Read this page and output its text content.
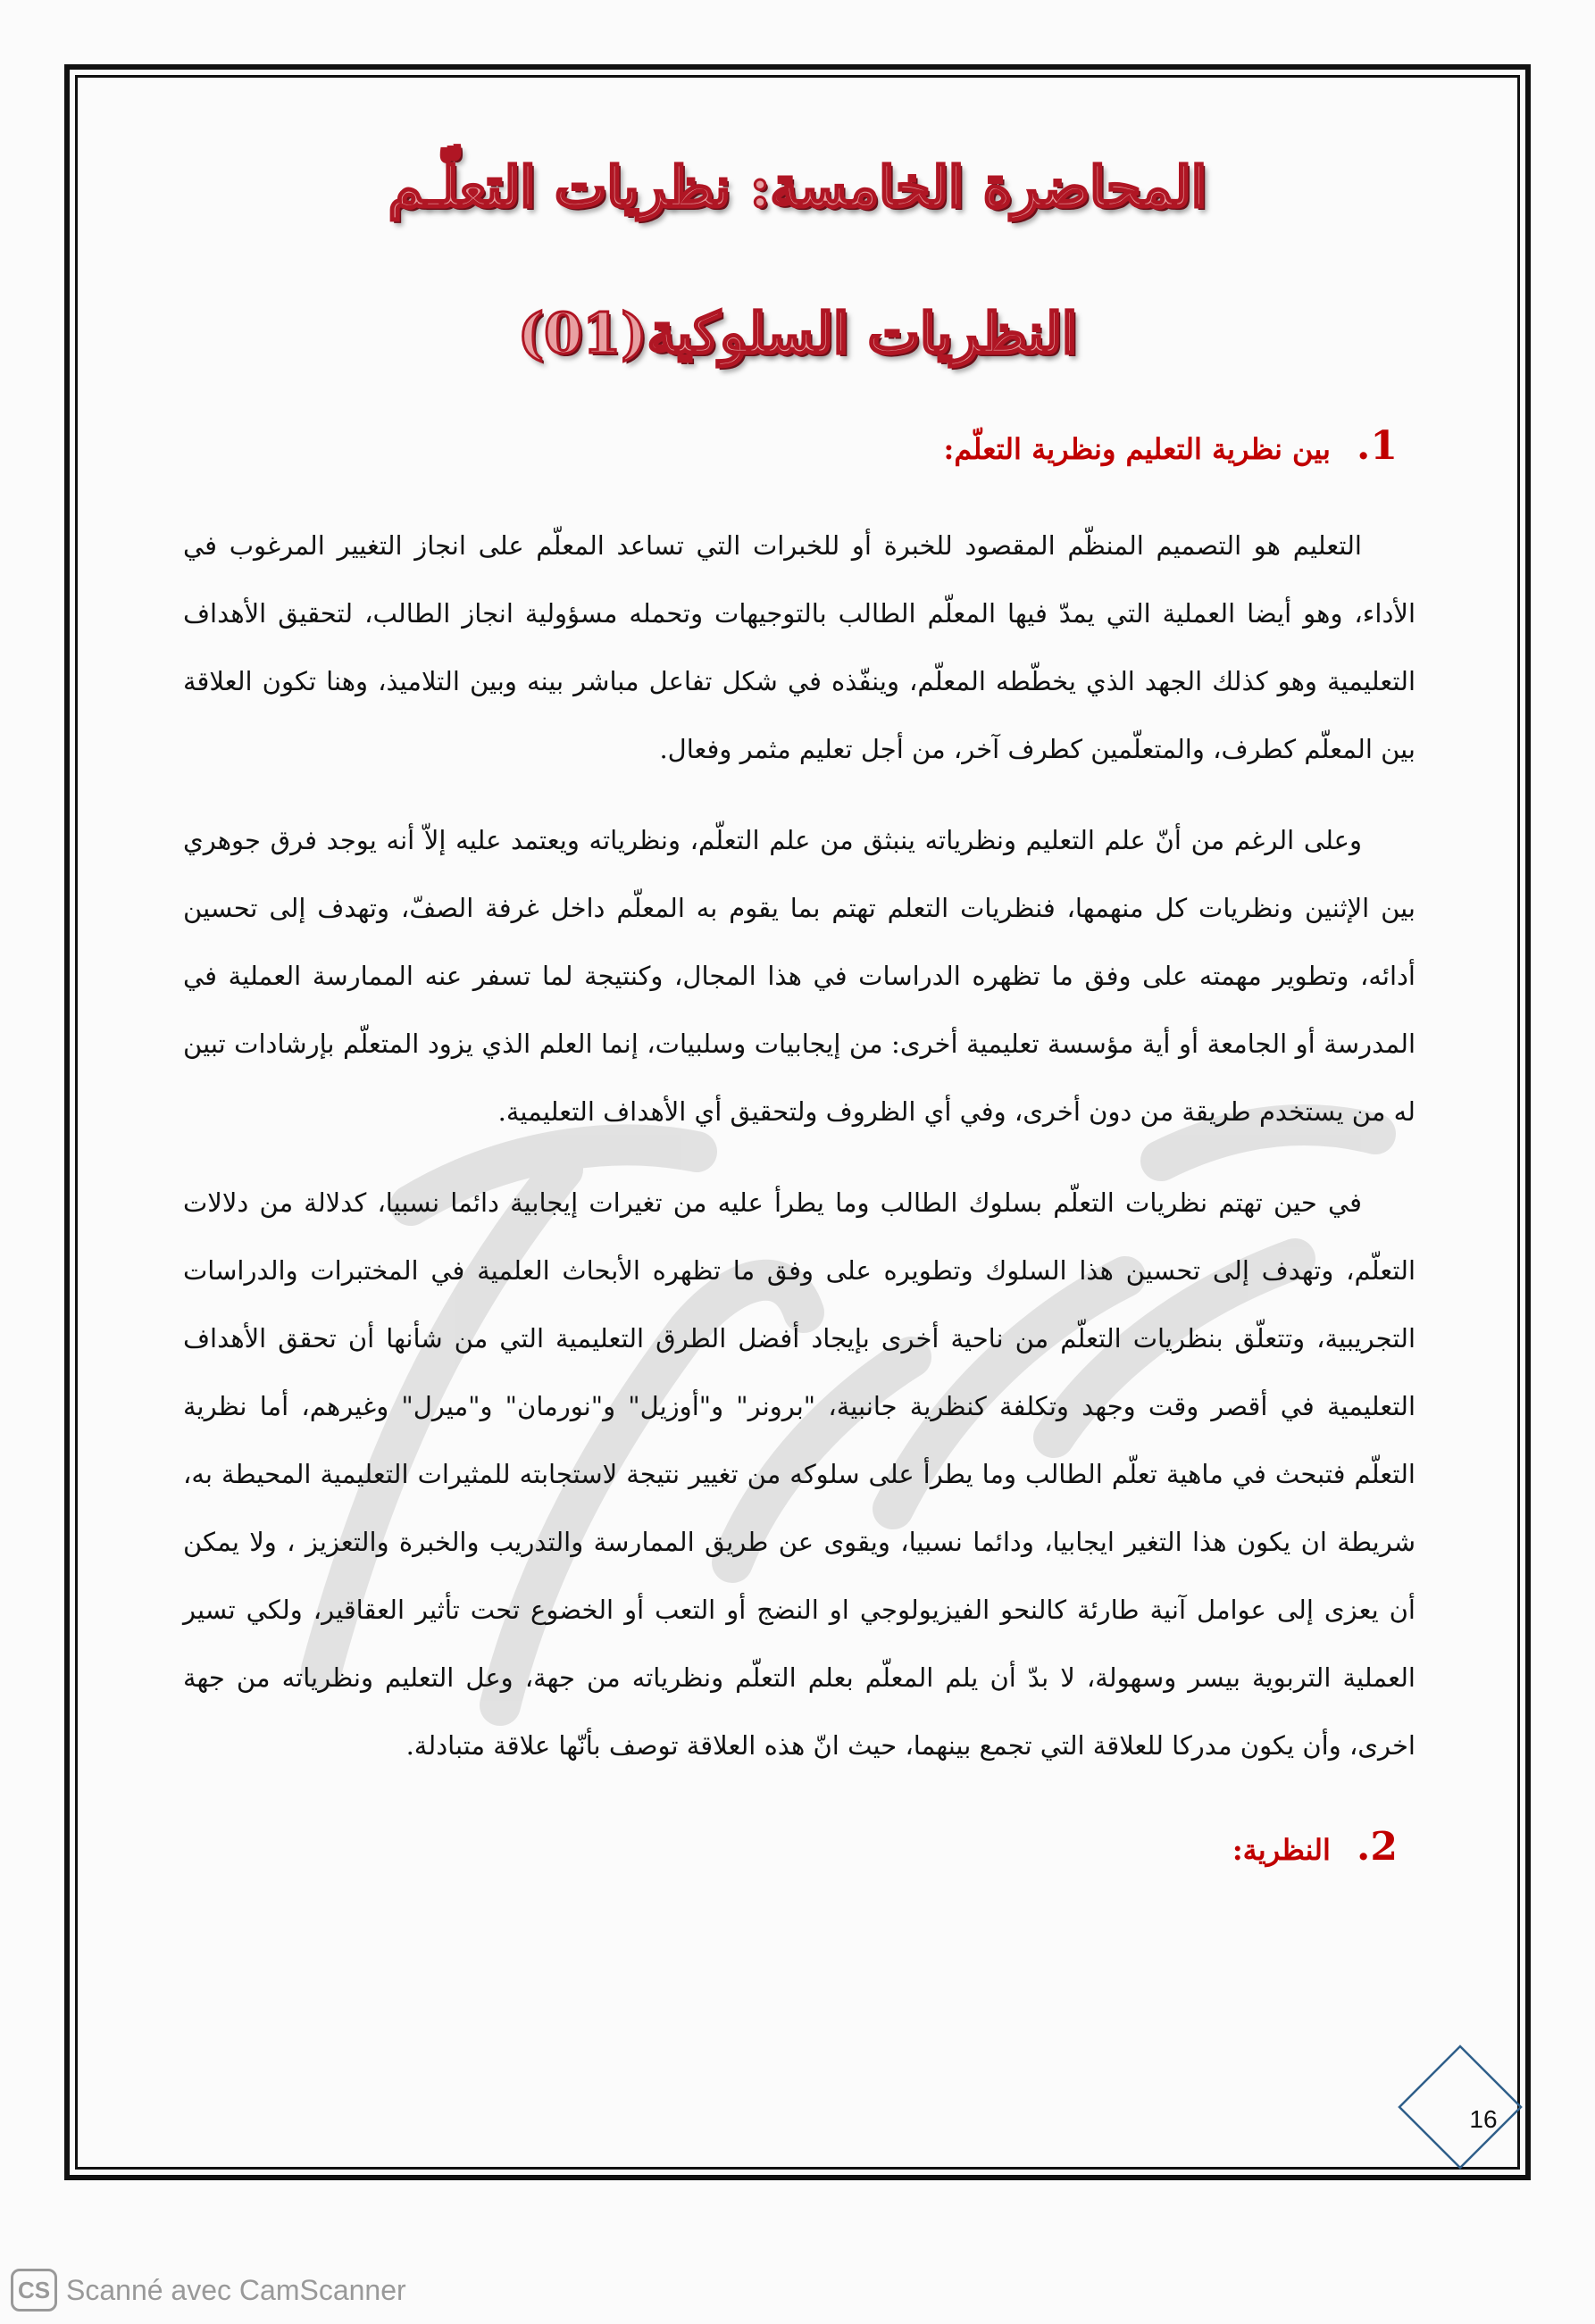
المحاضرة الخامسة: نظريات التعلّـم
النظريات السلوكية(01)
1. بين نظرية التعليم ونظرية التعلّم:

التعليم هو التصميم المنظّم المقصود للخبرة أو للخبرات التي تساعد المعلّم على انجاز التغيير المرغوب في الأداء، وهو أيضا العملية التي يمدّ فيها المعلّم الطالب بالتوجيهات وتحمله مسؤولية انجاز الطالب، لتحقيق الأهداف التعليمية وهو كذلك الجهد الذي يخطّطه المعلّم، وينفّذه في شكل تفاعل مباشر بينه وبين التلاميذ، وهنا تكون العلاقة بين المعلّم كطرف، والمتعلّمين كطرف آخر، من أجل تعليم مثمر وفعال.

وعلى الرغم من أنّ علم التعليم ونظرياته ينبثق من علم التعلّم، ونظرياته ويعتمد عليه إلاّ أنه يوجد فرق جوهري بين الإثنين ونظريات كل منهمها، فنظريات التعلم تهتم بما يقوم به المعلّم داخل غرفة الصفّ، وتهدف إلى تحسين أدائه، وتطوير مهمته على وفق ما تظهره الدراسات في هذا المجال، وكنتيجة لما تسفر عنه الممارسة العملية في المدرسة أو الجامعة أو أية مؤسسة تعليمية أخرى: من إيجابيات وسلبيات، إنما العلم الذي يزود المتعلّم بإرشادات تبين له من يستخدم طريقة من دون أخرى، وفي أي الظروف ولتحقيق أي الأهداف التعليمية.

في حين تهتم نظريات التعلّم بسلوك الطالب وما يطرأ عليه من تغيرات إيجابية دائما نسبيا، كدلالة من دلالات التعلّم، وتهدف إلى تحسين هذا السلوك وتطويره على وفق ما تظهره الأبحاث العلمية في المختبرات والدراسات التجريبية، وتتعلّق بنظريات التعلّم من ناحية أخرى بإيجاد أفضل الطرق التعليمية التي من شأنها أن تحقق الأهداف التعليمية في أقصر وقت وجهد وتكلفة كنظرية جانبية، "برونر" و"أوزيل" و"نورمان" و"ميرل" وغيرهم، أما نظرية التعلّم فتبحث في ماهية تعلّم الطالب وما يطرأ على سلوكه من تغيير نتيجة لاستجابته للمثيرات التعليمية المحيطة به، شريطة ان يكون هذا التغير ايجابيا، ودائما نسبيا، ويقوى عن طريق الممارسة والتدريب والخبرة والتعزيز ، ولا يمكن أن يعزى إلى عوامل آنية طارئة كالنحو الفيزيولوجي او النضج أو التعب أو الخضوع تحت تأثير العقاقير، ولكي تسير العملية التربوية بيسر وسهولة، لا بدّ أن يلم المعلّم بعلم التعلّم ونظرياته من جهة، وعل التعليم ونظرياته من جهة اخرى، وأن يكون مدركا للعلاقة التي تجمع بينهما، حيث انّ هذه العلاقة توصف بأنّها علاقة متبادلة.

2. النظرية:
16
CS Scanné avec CamScanner
